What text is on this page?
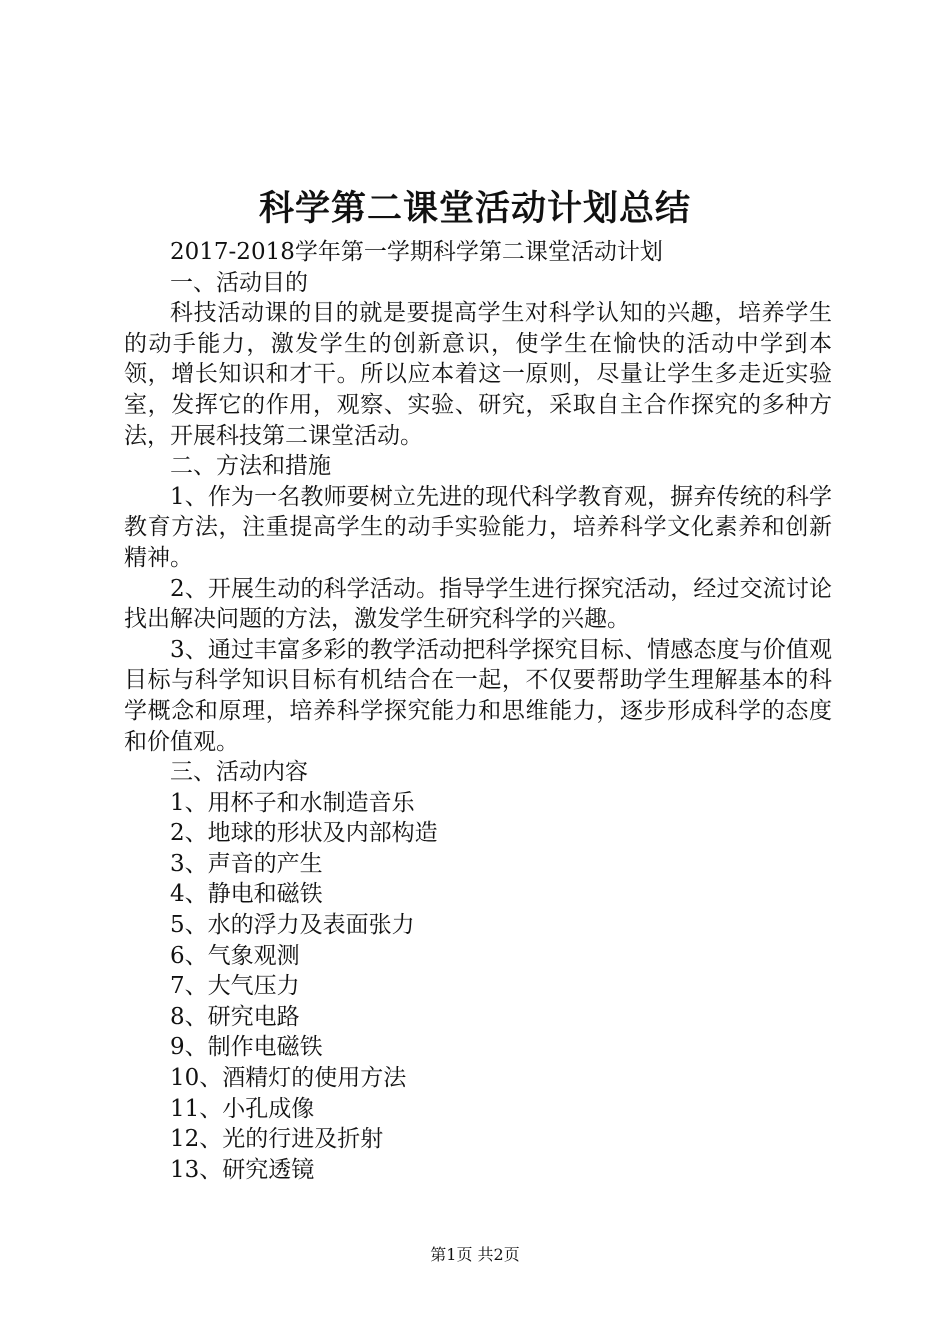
科学第二课堂活动计划总结

2017-2018学年第一学期科学第二课堂活动计划

一、活动目的

科技活动课的目的就是要提高学生对科学认知的兴趣，培养学生的动手能力，激发学生的创新意识，使学生在愉快的活动中学到本领，增长知识和才干。所以应本着这一原则，尽量让学生多走近实验室，发挥它的作用，观察、实验、研究，采取自主合作探究的多种方法，开展科技第二课堂活动。

二、方法和措施

1、作为一名教师要树立先进的现代科学教育观，摒弃传统的科学教育方法，注重提高学生的动手实验能力，培养科学文化素养和创新精神。

2、开展生动的科学活动。指导学生进行探究活动，经过交流讨论找出解决问题的方法，激发学生研究科学的兴趣。

3、通过丰富多彩的教学活动把科学探究目标、情感态度与价值观目标与科学知识目标有机结合在一起，不仅要帮助学生理解基本的科学概念和原理，培养科学探究能力和思维能力，逐步形成科学的态度和价值观。

三、活动内容

1、用杯子和水制造音乐

2、地球的形状及内部构造

3、声音的产生

4、静电和磁铁

5、水的浮力及表面张力

6、气象观测

7、大气压力

8、研究电路

9、制作电磁铁

10、酒精灯的使用方法

11、小孔成像

12、光的行进及折射

13、研究透镜

第1页 共2页
